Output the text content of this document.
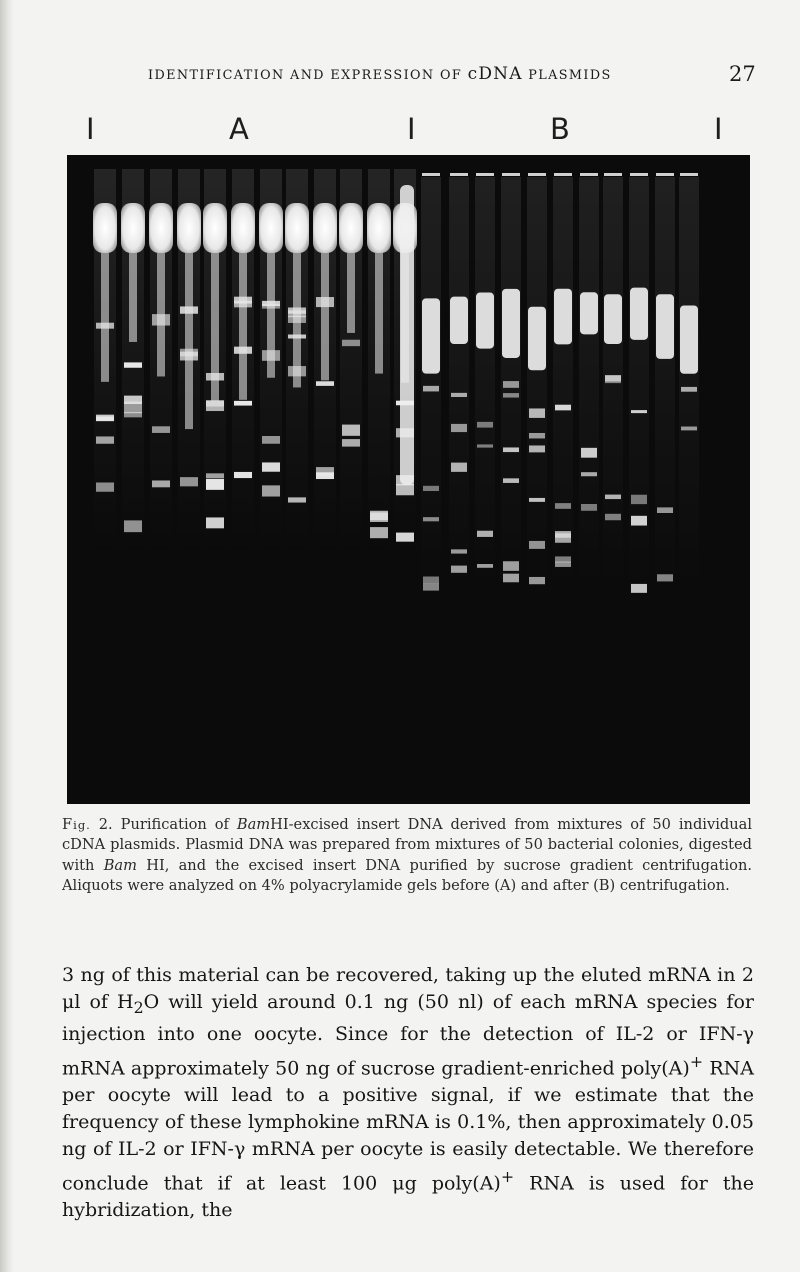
IDENTIFICATION AND EXPRESSION OF cDNA PLASMIDS	27
I	A	I	B	I
Fig. 2. Purification of BamHI-excised insert DNA derived from mixtures of 50 individual cDNA plasmids. Plasmid DNA was prepared from mixtures of 50 bacterial colonies, digested with Bam HI, and the excised insert DNA purified by sucrose gradient centrifugation. Aliquots were analyzed on 4% polyacrylamide gels before (A) and after (B) centrifugation.

3 ng of this material can be recovered, taking up the eluted mRNA in 2 μl of $H_2O$ will yield around 0.1 ng (50 nl) of each mRNA species for injection into one oocyte. Since for the detection of IL-2 or IFN-γ mRNA approximately 50 ng of sucrose gradient-enriched poly(A)+ RNA per oocyte will lead to a positive signal, if we estimate that the frequency of these lymphokine mRNA is 0.1%, then approximately 0.05 ng of IL-2 or IFN-γ mRNA per oocyte is easily detectable. We therefore conclude that if at least 100 μg poly(A)+ RNA is used for the hybridization, the
